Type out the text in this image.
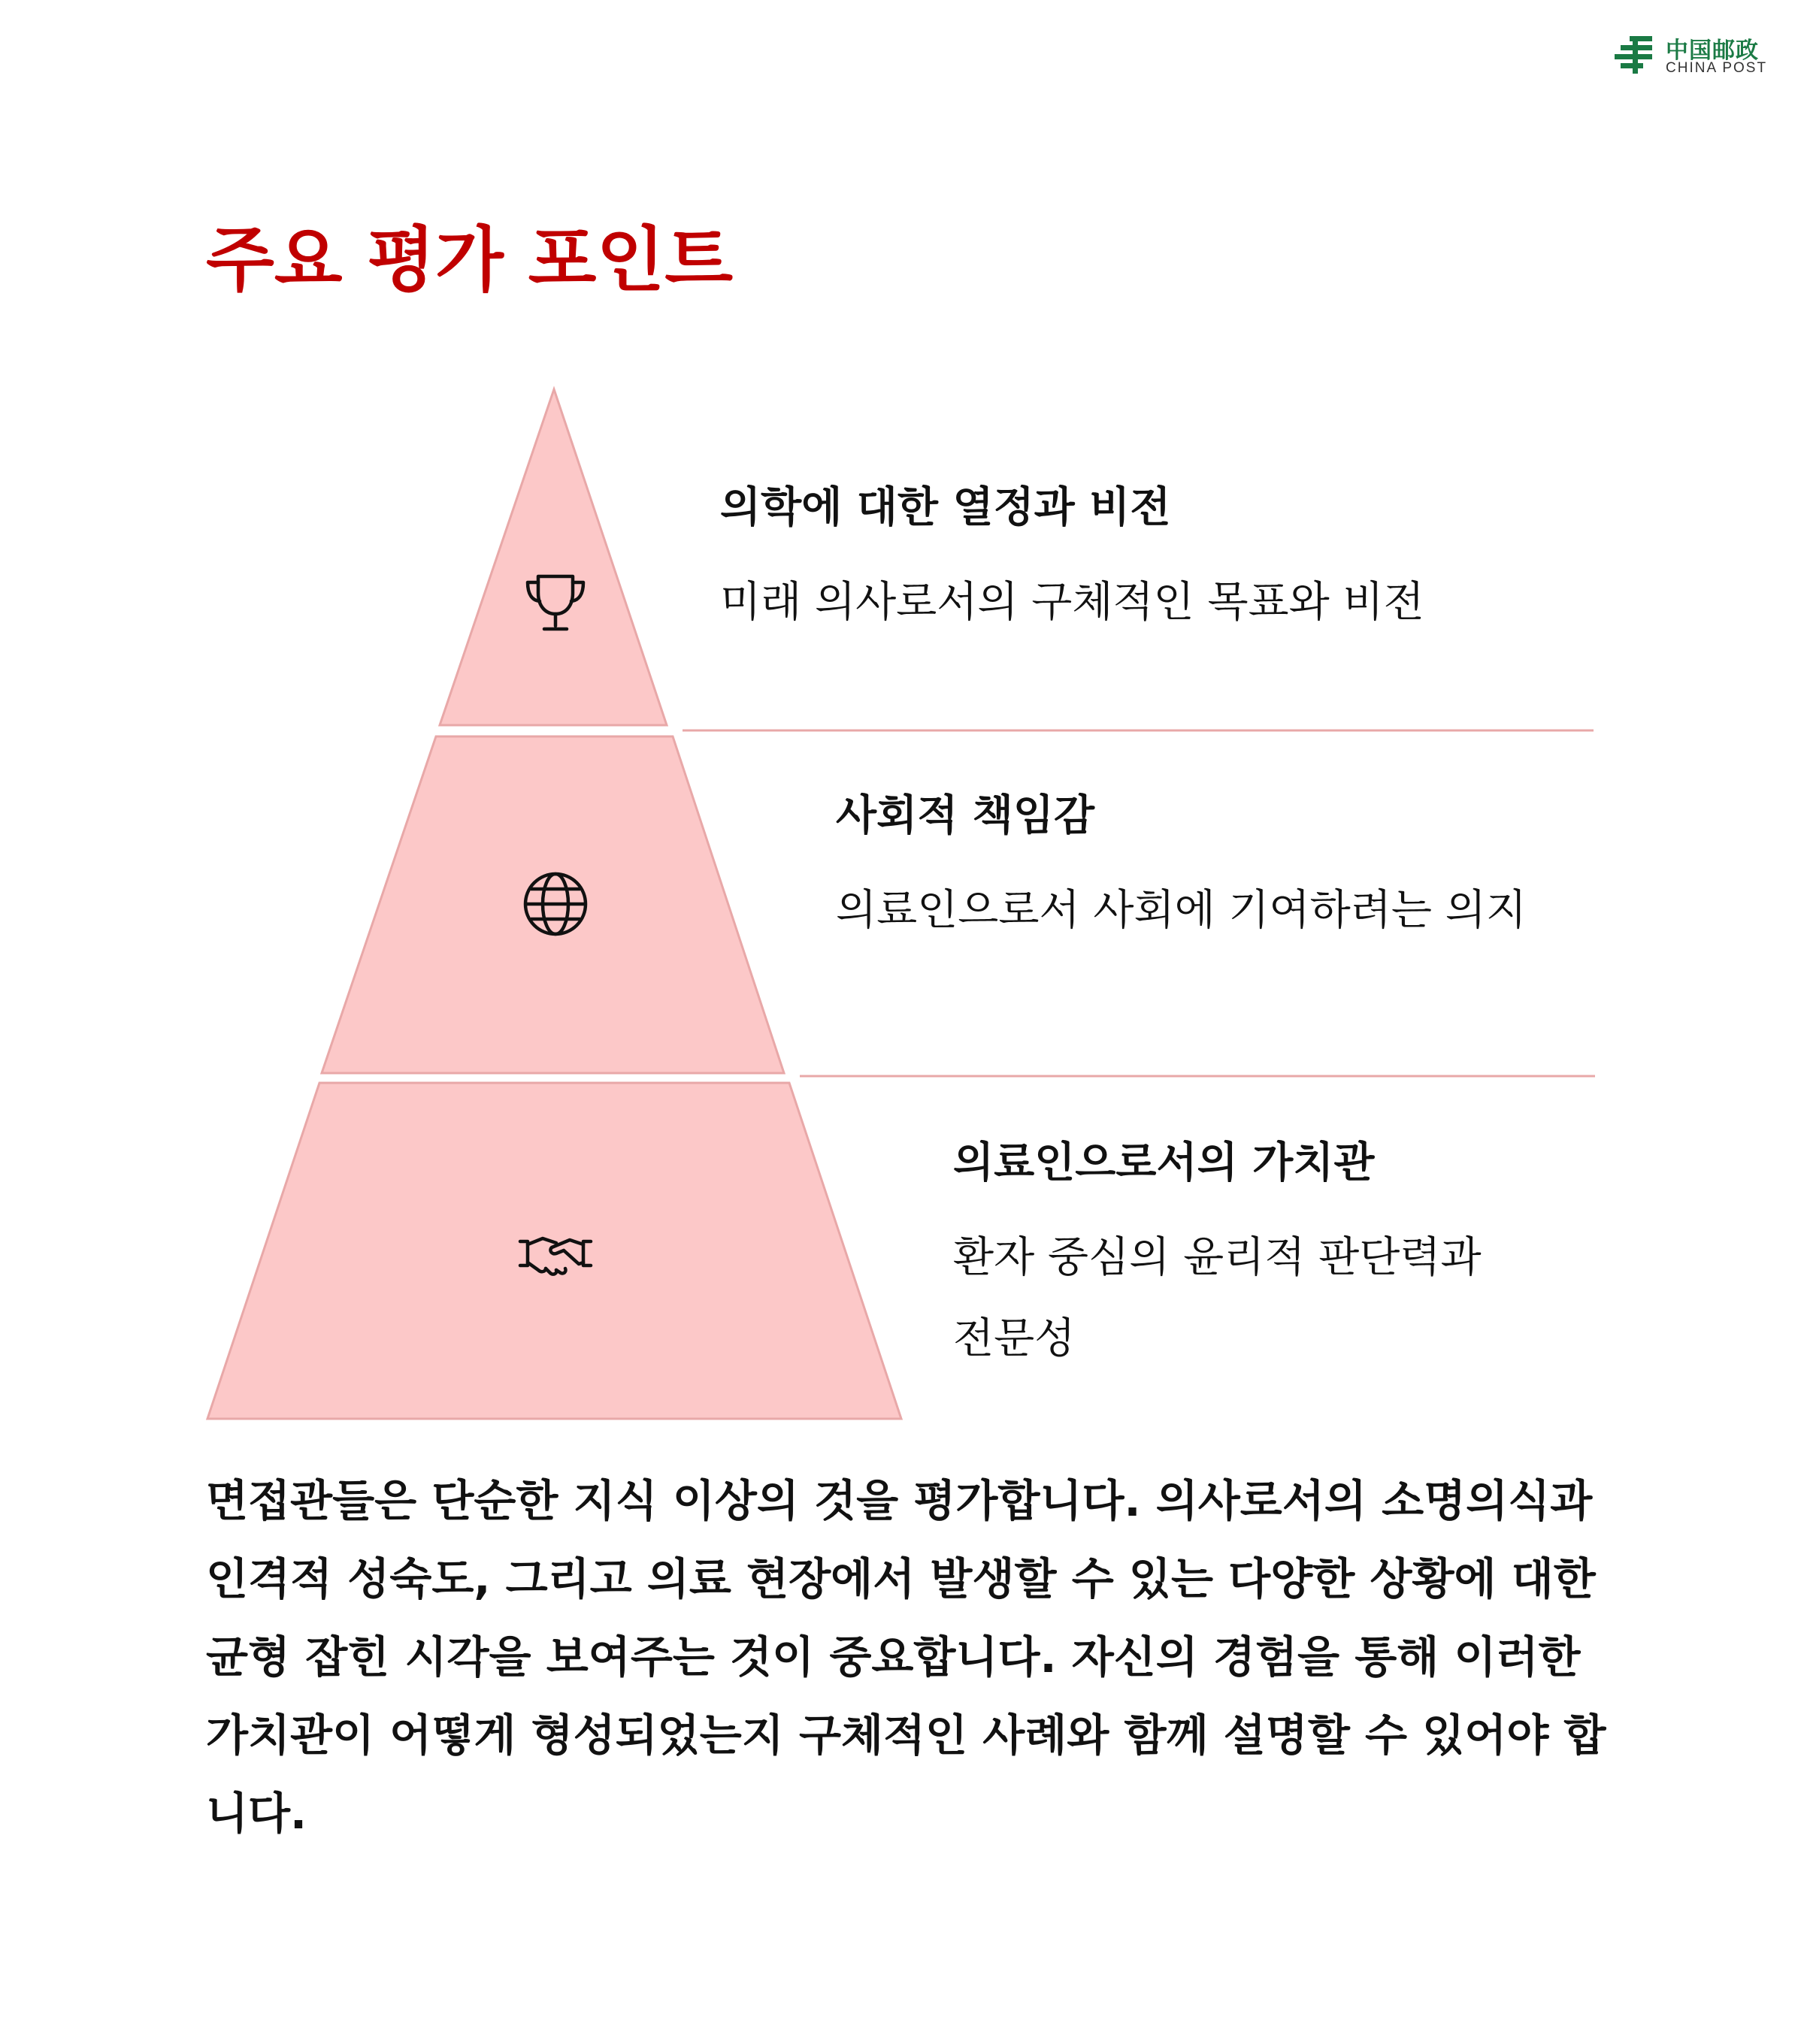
中国邮政
CHINA POST
주요 평가 포인트
의학에 대한 열정과 비전
미래 의사로서의 구체적인 목표와 비전
사회적 책임감
의료인으로서 사회에 기여하려는 의지
의료인으로서의 가치관
환자 중심의 윤리적 판단력과 전문성
면접관들은 단순한 지식 이상의 것을 평가합니다. 의사로서의 소명의식과 인격적 성숙도, 그리고 의료 현장에서 발생할 수 있는 다양한 상황에 대한 균형 잡힌 시각을 보여주는 것이 중요합니다. 자신의 경험을 통해 이러한 가치관이 어떻게 형성되었는지 구체적인 사례와 함께 설명할 수 있어야 합니다.
